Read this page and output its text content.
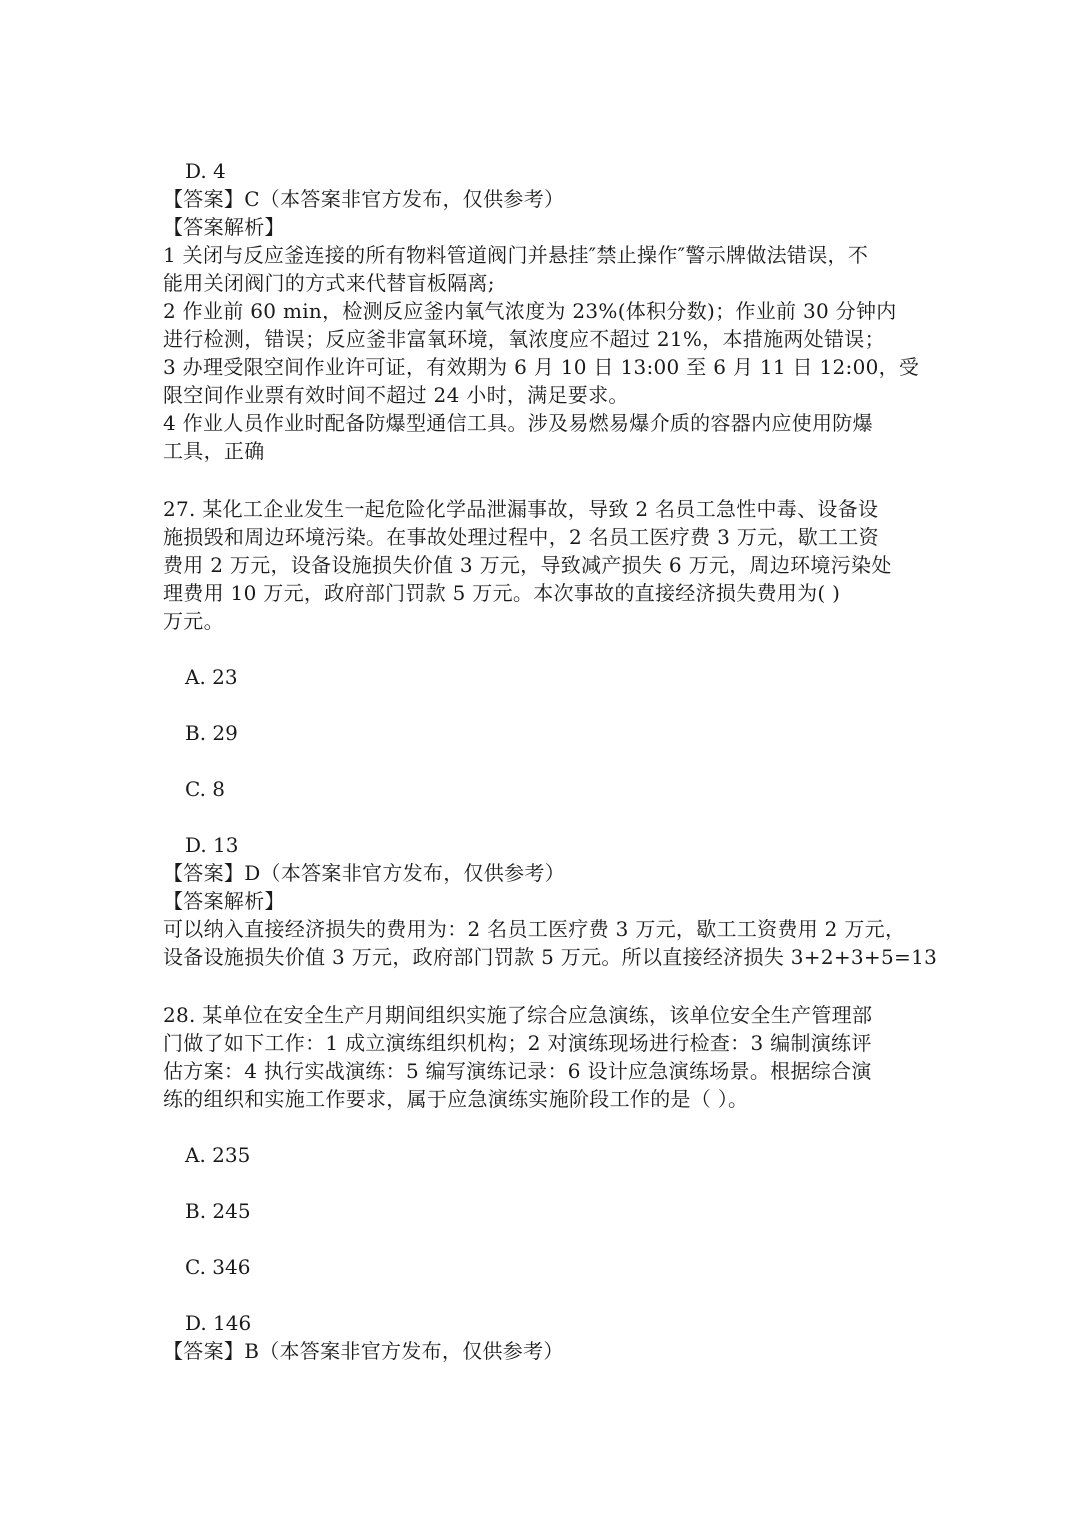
D. 4
【答案】C（本答案非官方发布，仅供参考）
【答案解析】
1 关闭与反应釜连接的所有物料管道阀门并悬挂″禁止操作″警示牌做法错误，不
能用关闭阀门的方式来代替盲板隔离;
2 作业前 60 min，检测反应釜内氧气浓度为 23%(体积分数)；作业前 30 分钟内
进行检测，错误；反应釜非富氧环境，氧浓度应不超过 21%，本措施两处错误；
3 办理受限空间作业许可证，有效期为 6 月 10 日 13:00 至 6 月 11 日 12:00，受
限空间作业票有效时间不超过 24 小时，满足要求。
4 作业人员作业时配备防爆型通信工具。涉及易燃易爆介质的容器内应使用防爆
工具，正确
27. 某化工企业发生一起危险化学品泄漏事故，导致 2 名员工急性中毒、设备设
施损毁和周边环境污染。在事故处理过程中，2 名员工医疗费 3 万元，歇工工资
费用 2 万元，设备设施损失价值 3 万元，导致减产损失 6 万元，周边环境污染处
理费用 10 万元，政府部门罚款 5 万元。本次事故的直接经济损失费用为( )
万元。
A. 23
B. 29
C. 8
D. 13
【答案】D（本答案非官方发布，仅供参考）
【答案解析】
可以纳入直接经济损失的费用为：2 名员工医疗费 3 万元，歇工工资费用 2 万元，
设备设施损失价值 3 万元，政府部门罚款 5 万元。所以直接经济损失 3+2+3+5=13
28. 某单位在安全生产月期间组织实施了综合应急演练，该单位安全生产管理部
门做了如下工作：1 成立演练组织机构；2 对演练现场进行检查：3 编制演练评
估方案：4 执行实战演练：5 编写演练记录：6 设计应急演练场景。根据综合演
练的组织和实施工作要求，属于应急演练实施阶段工作的是（ ）。
A. 235
B. 245
C. 346
D. 146
【答案】B（本答案非官方发布，仅供参考）
